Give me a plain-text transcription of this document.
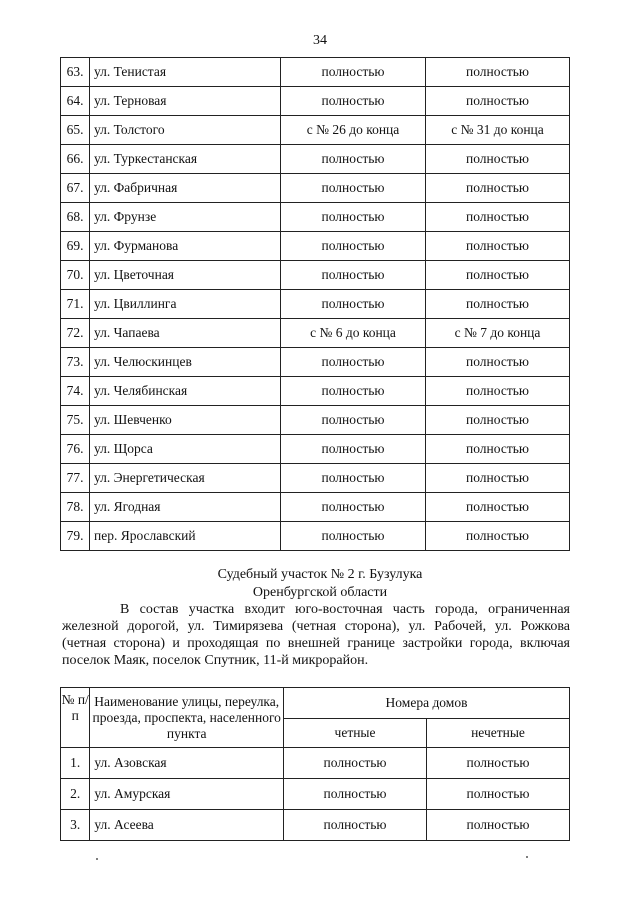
34
63.	ул. Тенистая	полностью	полностью
64.	ул. Терновая	полностью	полностью
65.	ул. Толстого	с № 26 до конца	с № 31 до конца
66.	ул. Туркестанская	полностью	полностью
67.	ул. Фабричная	полностью	полностью
68.	ул. Фрунзе	полностью	полностью
69.	ул. Фурманова	полностью	полностью
70.	ул. Цветочная	полностью	полностью
71.	ул. Цвиллинга	полностью	полностью
72.	ул. Чапаева	с № 6 до конца	с № 7 до конца
73.	ул. Челюскинцев	полностью	полностью
74.	ул. Челябинская	полностью	полностью
75.	ул. Шевченко	полностью	полностью
76.	ул. Щорса	полностью	полностью
77.	ул. Энергетическая	полностью	полностью
78.	ул. Ягодная	полностью	полностью
79.	пер. Ярославский	полностью	полностью
Судебный участок № 2 г. Бузулука
Оренбургской области
В состав участка входит юго-восточная часть города, ограниченная железной дорогой, ул. Тимирязева (четная сторона), ул. Рабочей, ул. Рожкова (четная сторона) и проходящая по внешней границе застройки города, включая поселок Маяк, поселок Спутник, 11-й микрорайон.
№ п/п	Наименование улицы, переулка, проезда, проспекта, населенного пункта	Номера домов	
		четные	нечетные
1.	ул. Азовская	полностью	полностью
2.	ул. Амурская	полностью	полностью
3.	ул. Асеева	полностью	полностью
